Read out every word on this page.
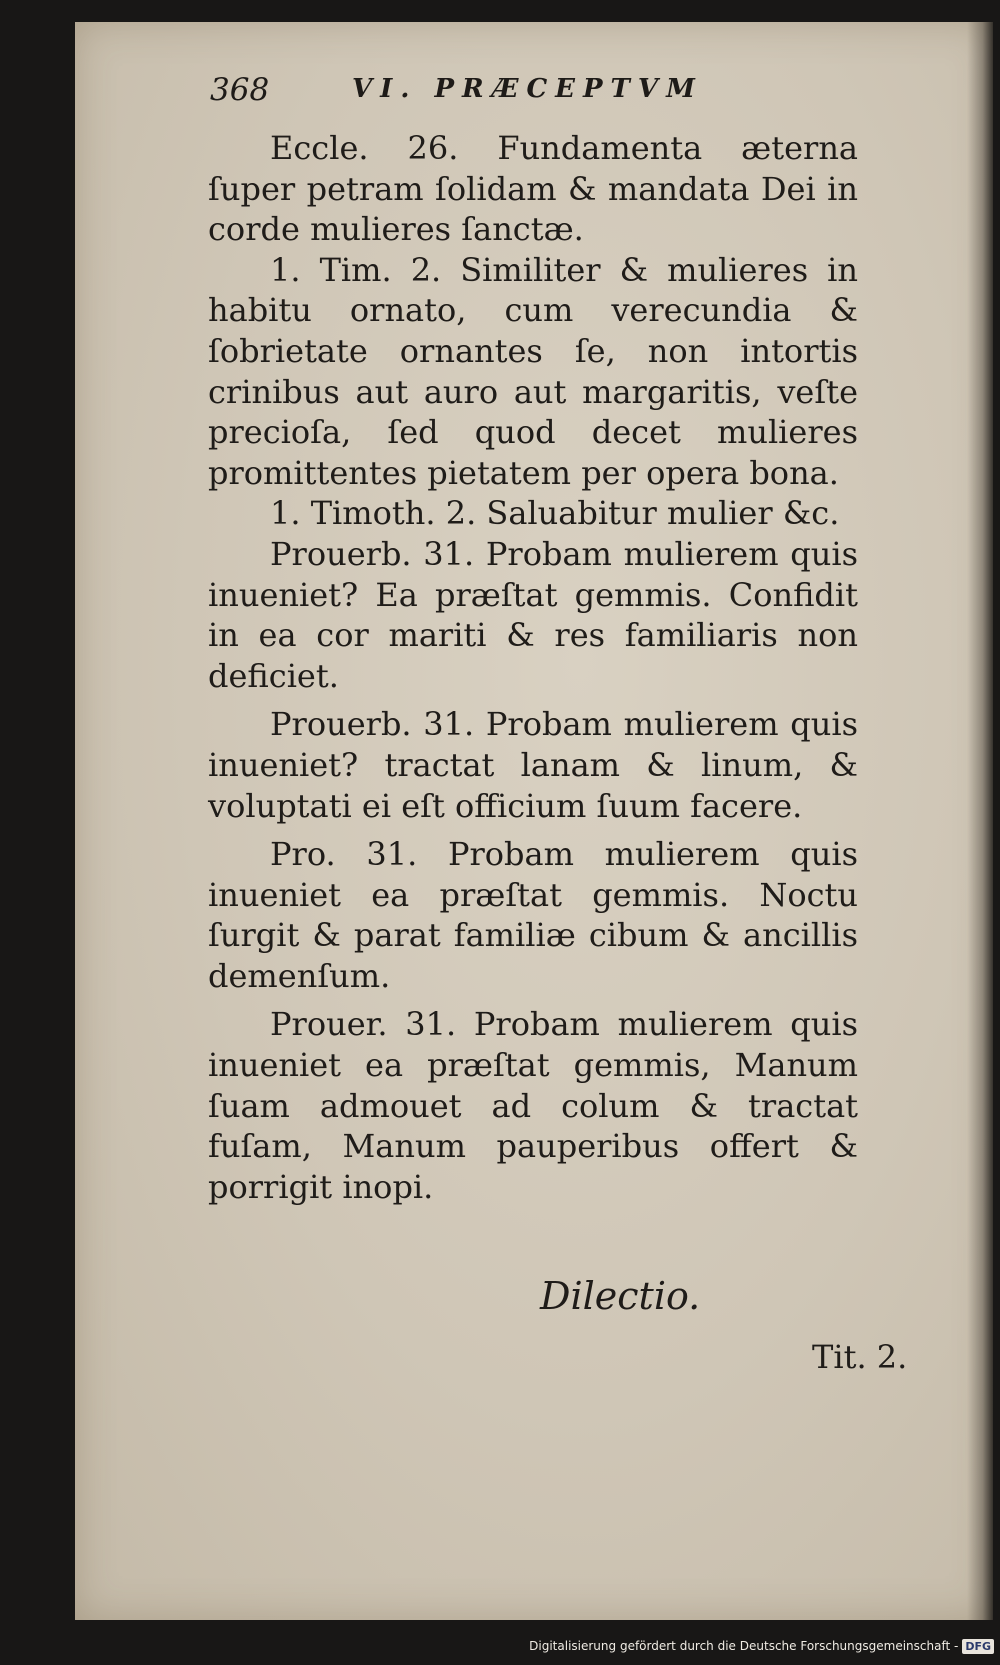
368	VI. PRÆCEPTVM

Eccle. 26. Fundamenta æterna ſuper petram ſolidam & mandata Dei in corde mulieres ſanctæ.

1. Tim. 2. Similiter & mulieres in habitu ornato, cum verecundia & ſobrietate ornantes ſe, non intortis crinibus aut auro aut margaritis, veſte precioſa, ſed quod decet mulieres promittentes pietatem per opera bona.

1. Timoth. 2. Saluabitur mulier &c.

Prouerb. 31. Probam mulierem quis inueniet? Ea præſtat gemmis. Confidit in ea cor mariti & res familiaris non deficiet.

Prouerb. 31. Probam mulierem quis inueniet? tractat lanam & linum, & voluptati ei eſt officium ſuum facere.

Pro. 31. Probam mulierem quis inueniet ea præſtat gemmis. Noctu ſurgit & parat familiæ cibum & ancillis demenſum.

Prouer. 31. Probam mulierem quis inueniet ea præſtat gemmis, Manum ſuam admouet ad colum & tractat fuſam, Manum pauperibus offert & porrigit inopi.

Dilectio.
Tit. 2.
Digitalisierung gefördert durch die Deutsche Forschungsgemeinschaft - DFG
